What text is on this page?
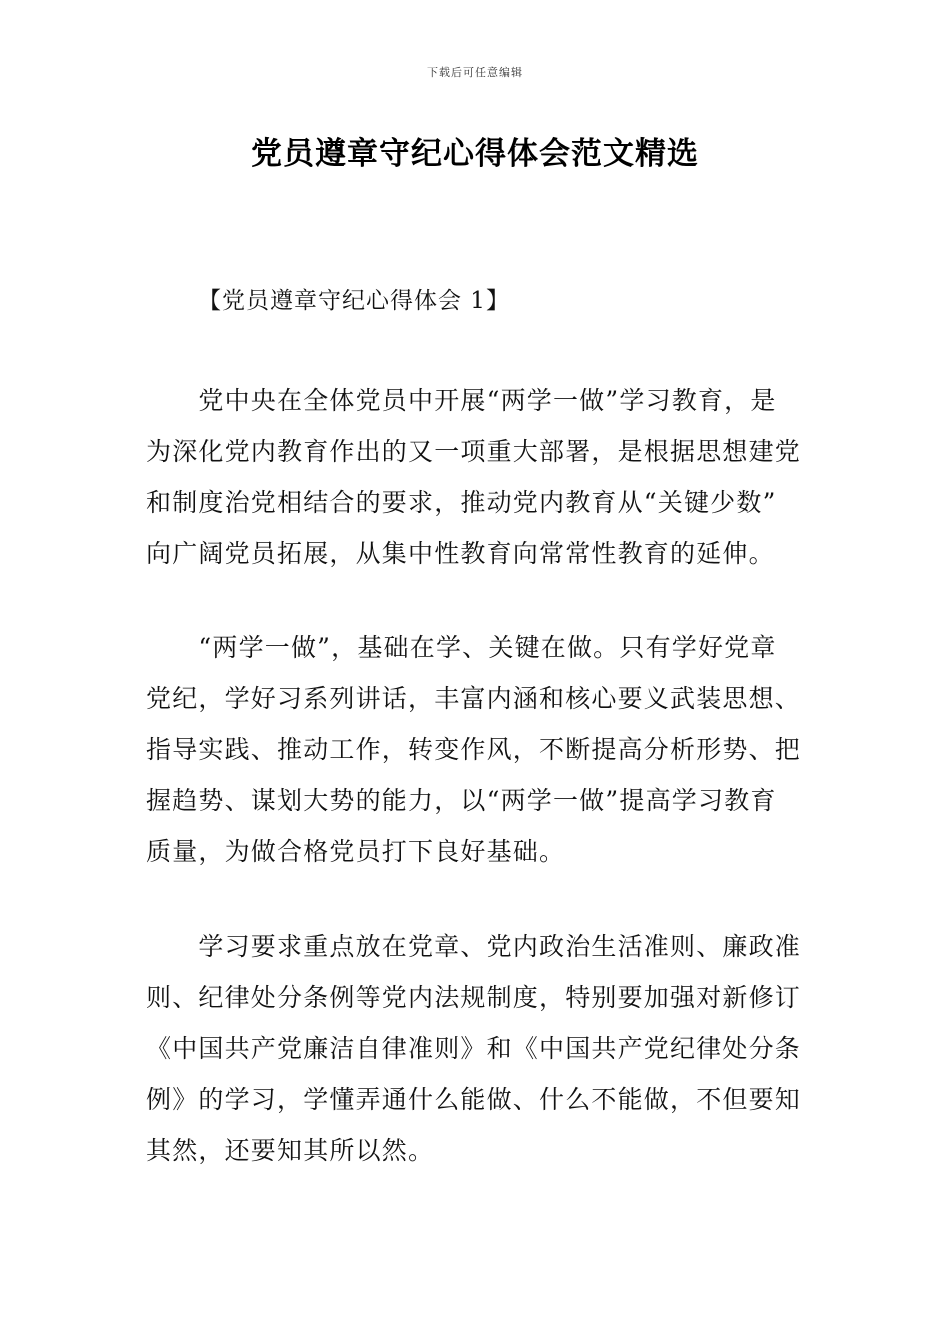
下载后可任意编辑
党员遵章守纪心得体会范文精选
【党员遵章守纪心得体会 1】
　　党中央在全体党员中开展“两学一做”学习教育，是
为深化党内教育作出的又一项重大部署，是根据思想建党
和制度治党相结合的要求，推动党内教育从“关键少数”
向广阔党员拓展，从集中性教育向常常性教育的延伸。
　　“两学一做”，基础在学、关键在做。只有学好党章
党纪，学好习系列讲话，丰富内涵和核心要义武装思想、
指导实践、推动工作，转变作风，不断提高分析形势、把
握趋势、谋划大势的能力，以“两学一做”提高学习教育
质量，为做合格党员打下良好基础。
　　学习要求重点放在党章、党内政治生活准则、廉政准
则、纪律处分条例等党内法规制度，特别要加强对新修订
《中国共产党廉洁自律准则》和《中国共产党纪律处分条
例》的学习，学懂弄通什么能做、什么不能做，不但要知
其然，还要知其所以然。
